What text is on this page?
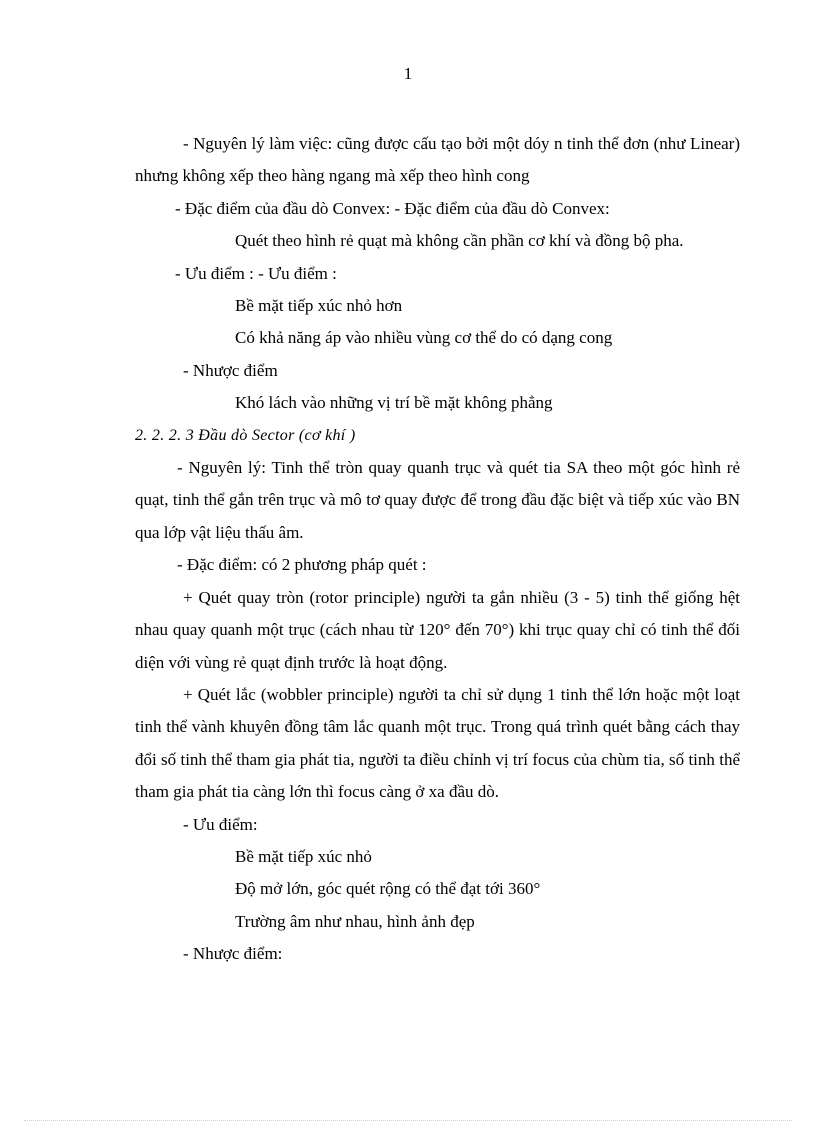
1

- Nguyên lý làm việc: cũng được cấu tạo bởi một dóy n tinh thể đơn (như Linear) nhưng không xếp theo hàng ngang mà xếp theo hình cong

- Đặc điểm của đầu dò Convex: - Đặc điểm của đầu dò Convex:

Quét theo hình rẻ quạt mà không cần phần cơ khí và đồng bộ pha.

- Ưu điểm : - Ưu điểm :

Bề mặt tiếp xúc nhỏ hơn

Có khả năng áp vào nhiều vùng cơ thể do có dạng cong

- Nhược điểm

Khó lách vào những vị trí bề mặt không phẳng

2. 2. 2. 3 Đầu dò Sector (cơ khí )

- Nguyên lý: Tinh thể tròn quay quanh trục và quét tia SA theo một góc hình rẻ quạt, tinh thể gắn trên trục và mô tơ quay được để trong đầu đặc biệt và tiếp xúc vào BN qua lớp vật liệu thấu âm.

- Đặc điểm: có 2 phương pháp quét :

+ Quét quay tròn (rotor principle) người ta gắn nhiều (3 - 5) tinh thể giống hệt nhau quay quanh một trục (cách nhau từ 120° đến 70°) khi trục quay chỉ có tinh thể đối diện với vùng rẻ quạt định trước là hoạt động.

+ Quét lắc (wobbler principle) người ta chỉ sử dụng 1 tinh thể lớn hoặc một loạt tinh thể vành khuyên đồng tâm lắc quanh một trục. Trong quá trình quét bằng cách thay đổi số tinh thể tham gia phát tia, người ta điều chỉnh vị trí focus của chùm tia, số tinh thể tham gia phát tia càng lớn thì focus càng ở xa đầu dò.

- Ưu điểm:

Bề mặt tiếp xúc nhỏ

Độ mở lớn, góc quét rộng có thể đạt tới 360°

Trường âm như nhau, hình ảnh đẹp

- Nhược điểm:
